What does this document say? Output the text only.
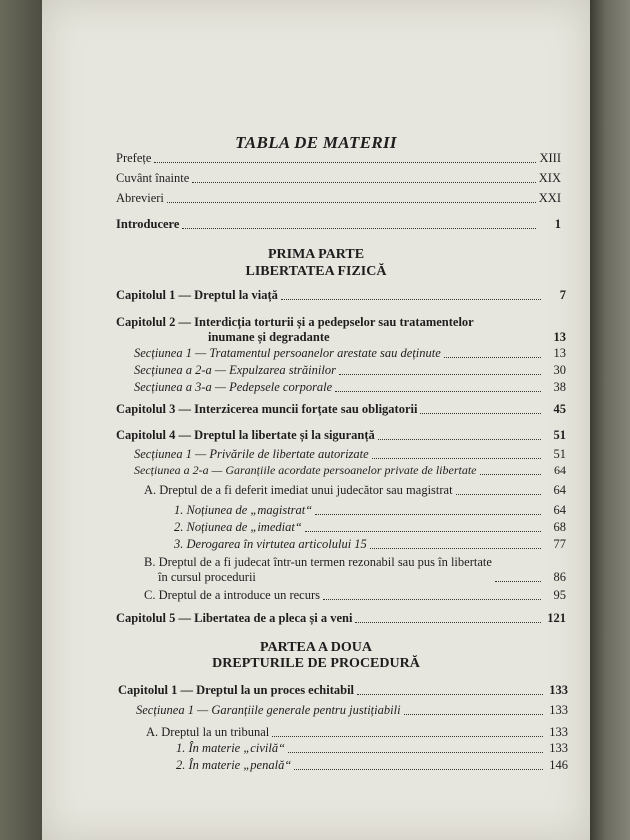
TABLA DE MATERII
Prefețe	XIII
Cuvânt înainte	XIX
Abrevieri	XXI
Introducere	1
PRIMA PARTE
LIBERTATEA FIZICĂ
Capitolul 1 — Dreptul la viață	7
Capitolul 2 — Interdicția torturii și a pedepselor sau tratamentelor
inumane și degradante	13
Secțiunea 1 — Tratamentul persoanelor arestate sau deținute	13
Secțiunea a 2-a — Expulzarea străinilor	30
Secțiunea a 3-a — Pedepsele corporale	38
Capitolul 3 — Interzicerea muncii forțate sau obligatorii	45
Capitolul 4 — Dreptul la libertate și la siguranță	51
Secțiunea 1 — Privările de libertate autorizate	51
Secțiunea a 2-a — Garanțiile acordate persoanelor private de libertate	64
A. Dreptul de a fi deferit imediat unui judecător sau magistrat	64
1. Noțiunea de „magistrat“	64
2. Noțiunea de „imediat“	68
3. Derogarea în virtutea articolului 15	77
B. Dreptul de a fi judecat într-un termen rezonabil sau pus în libertate
în cursul procedurii	86
C. Dreptul de a introduce un recurs	95
Capitolul 5 — Libertatea de a pleca și a veni	121
PARTEA A DOUA
DREPTURILE DE PROCEDURĂ
Capitolul 1 — Dreptul la un proces echitabil	133
Secțiunea 1 — Garanțiile generale pentru justițiabili	133
A. Dreptul la un tribunal	133
1. În materie „civilă“	133
2. În materie „penală“	146
